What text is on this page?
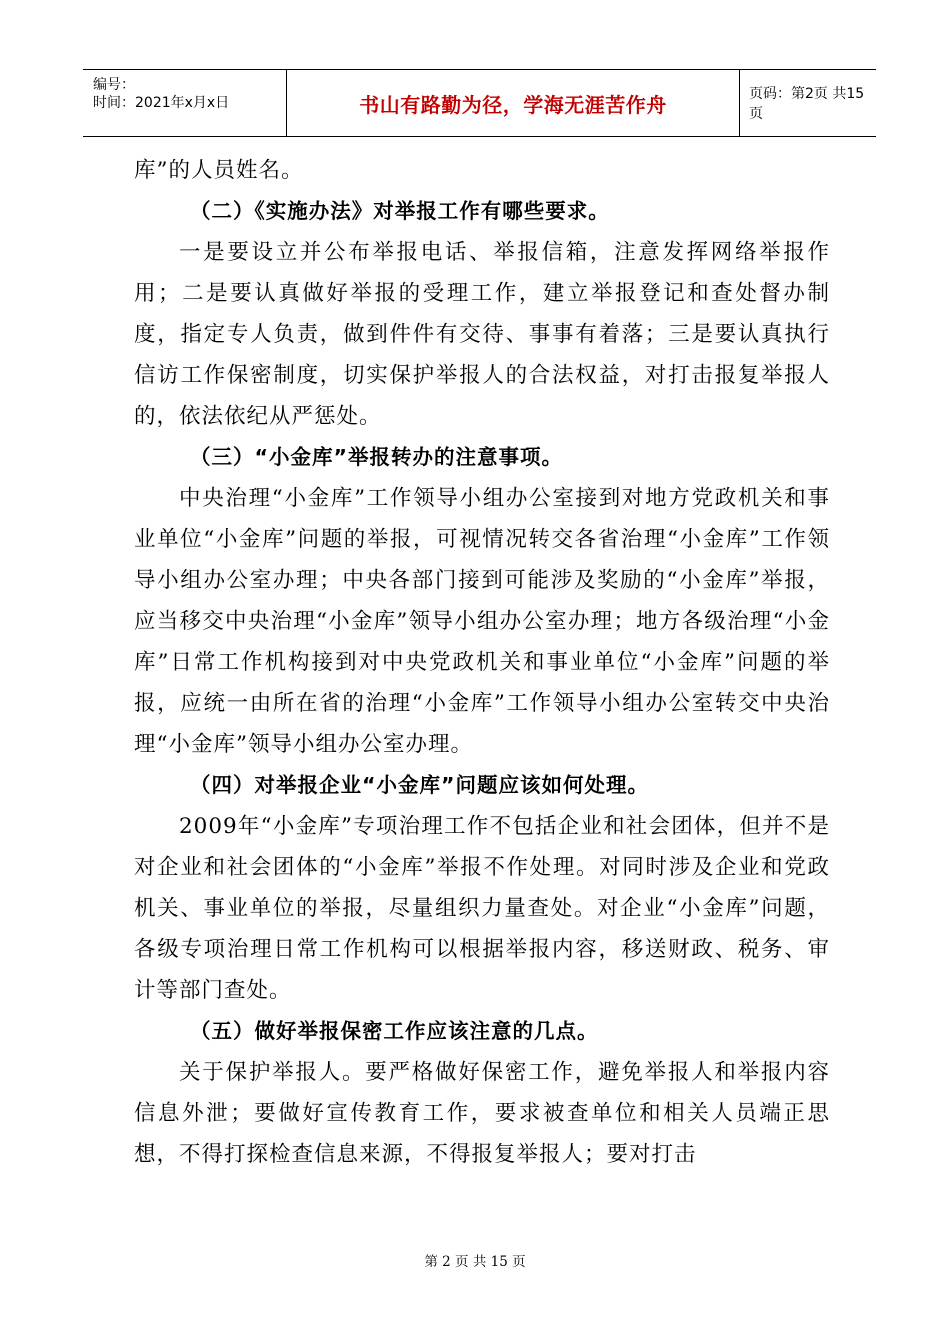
编号：
时间：2021年x月x日	书山有路勤为径，学海无涯苦作舟	页码：第2页 共15页

库”的人员姓名。

（二）《实施办法》对举报工作有哪些要求。

一是要设立并公布举报电话、举报信箱，注意发挥网络举报作用；二是要认真做好举报的受理工作，建立举报登记和查处督办制度，指定专人负责，做到件件有交待、事事有着落；三是要认真执行信访工作保密制度，切实保护举报人的合法权益，对打击报复举报人的，依法依纪从严惩处。

（三）“小金库”举报转办的注意事项。

中央治理“小金库”工作领导小组办公室接到对地方党政机关和事业单位“小金库”问题的举报，可视情况转交各省治理“小金库”工作领导小组办公室办理；中央各部门接到可能涉及奖励的“小金库”举报，应当移交中央治理“小金库”领导小组办公室办理；地方各级治理“小金库”日常工作机构接到对中央党政机关和事业单位“小金库”问题的举报，应统一由所在省的治理“小金库”工作领导小组办公室转交中央治理“小金库”领导小组办公室办理。

（四）对举报企业“小金库”问题应该如何处理。

2009年“小金库”专项治理工作不包括企业和社会团体，但并不是对企业和社会团体的“小金库”举报不作处理。对同时涉及企业和党政机关、事业单位的举报，尽量组织力量查处。对企业“小金库”问题，各级专项治理日常工作机构可以根据举报内容，移送财政、税务、审计等部门查处。

（五）做好举报保密工作应该注意的几点。

关于保护举报人。要严格做好保密工作，避免举报人和举报内容信息外泄；要做好宣传教育工作，要求被查单位和相关人员端正思想，不得打探检查信息来源，不得报复举报人；要对打击

第 2 页 共 15 页
